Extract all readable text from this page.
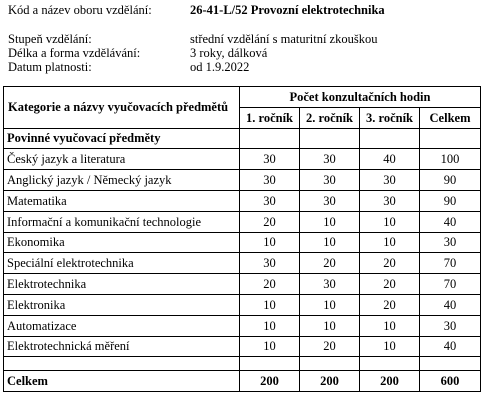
Kód a název oboru vzdělání:	26-41-L/52 Provozní elektrotechnika
Stupeň vzdělání:	střední vzdělání s maturitní zkouškou
Délka a forma vzdělávání:	3 roky, dálková
Datum platnosti:	od 1.9.2022
Kategorie a názvy vyučovacích předmětů	Počet konzultačních hodin			
	1. ročník	2. ročník	3. ročník	Celkem
Povinné vyučovací předměty				
Český jazyk a literatura	30	30	40	100
Anglický jazyk / Německý jazyk	30	30	30	90
Matematika	30	30	30	90
Informační a komunikační technologie	20	10	10	40
Ekonomika	10	10	10	30
Speciální elektrotechnika	30	20	20	70
Elektrotechnika	20	30	20	70
Elektronika	10	10	20	40
Automatizace	10	10	10	30
Elektrotechnická měření	10	20	10	40

Celkem	200	200	200	600
